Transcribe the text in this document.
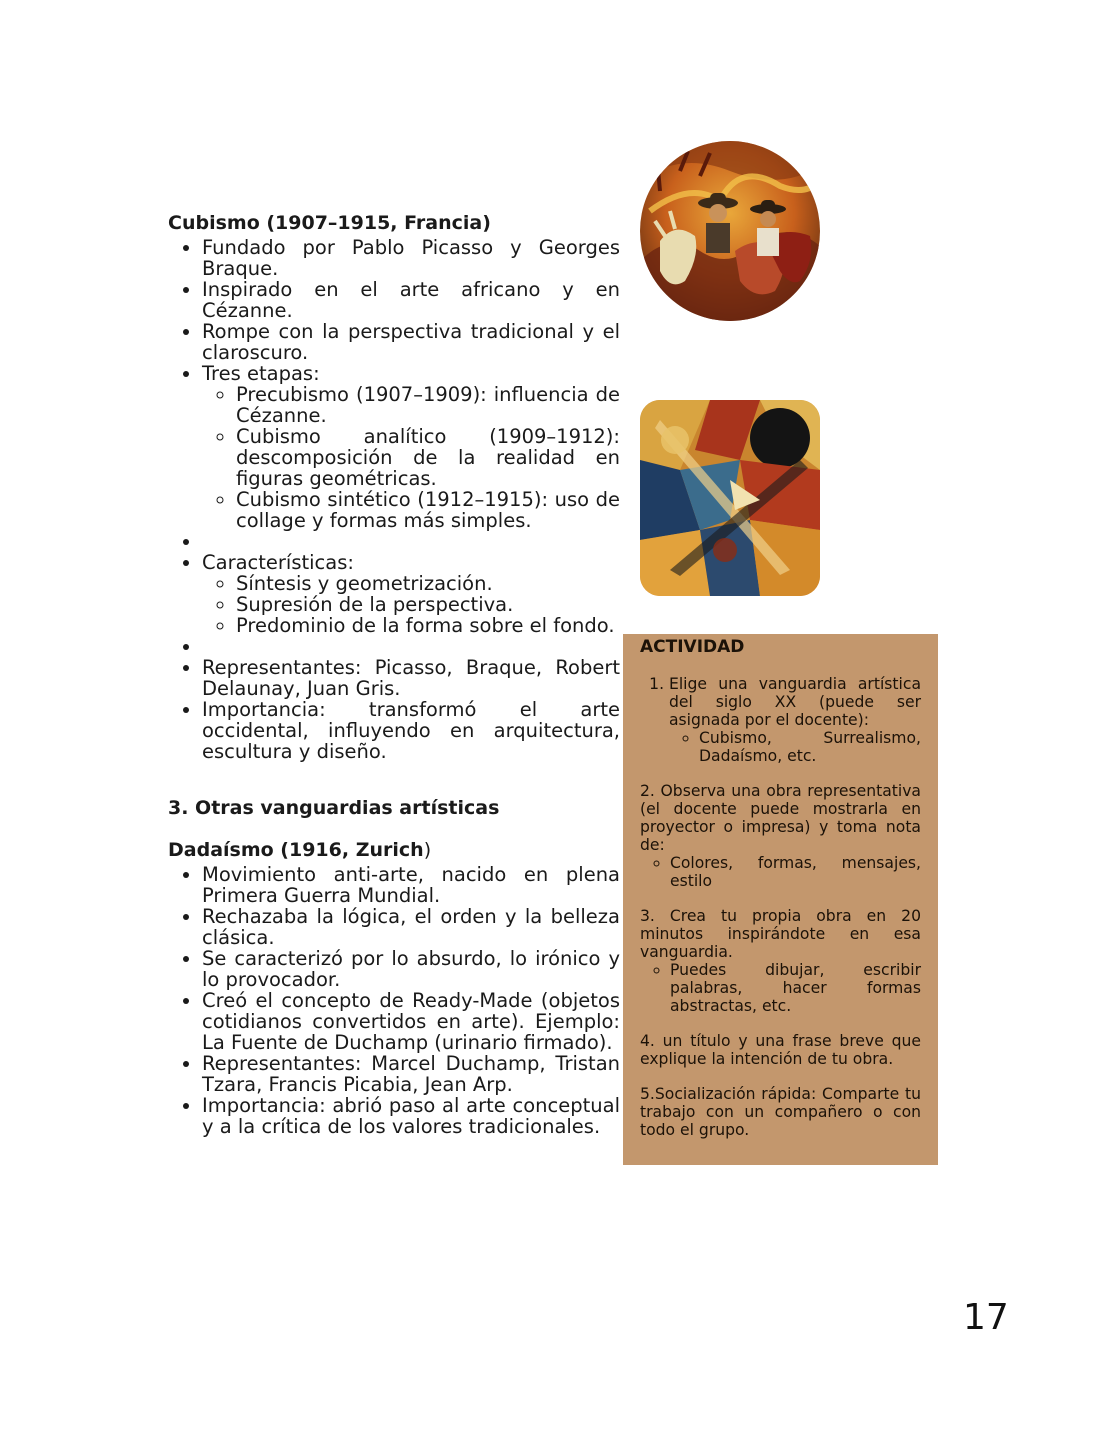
Cubismo (1907–1915, Francia)

• Fundado por Pablo Picasso y Georges Braque.
• Inspirado en el arte africano y en Cézanne.
• Rompe con la perspectiva tradicional y el claroscuro.
• Tres etapas:
◦ Precubismo (1907–1909): influencia de Cézanne.
◦ Cubismo analítico (1909–1912): descomposición de la realidad en figuras geométricas.
◦ Cubismo sintético (1912–1915): uso de collage y formas más simples.
•
• Características:
◦ Síntesis y geometrización.
◦ Supresión de la perspectiva.
◦ Predominio de la forma sobre el fondo.
•
• Representantes: Picasso, Braque, Robert Delaunay, Juan Gris.
• Importancia: transformó el arte occidental, influyendo en arquitectura, escultura y diseño.

3. Otras vanguardias artísticas

Dadaísmo (1916, Zurich)

• Movimiento anti-arte, nacido en plena Primera Guerra Mundial.
• Rechazaba la lógica, el orden y la belleza clásica.
• Se caracterizó por lo absurdo, lo irónico y lo provocador.
• Creó el concepto de Ready-Made (objetos cotidianos convertidos en arte). Ejemplo: La Fuente de Duchamp (urinario firmado).
• Representantes: Marcel Duchamp, Tristan Tzara, Francis Picabia, Jean Arp.
• Importancia: abrió paso al arte conceptual y a la crítica de los valores tradicionales.
ACTIVIDAD
1. Elige una vanguardia artística del siglo XX (puede ser asignada por el docente):
◦ Cubismo, Surrealismo, Dadaísmo, etc.

2. Observa una obra representativa (el docente puede mostrarla en proyector o impresa) y toma nota de:

◦ Colores, formas, mensajes, estilo

3. Crea tu propia obra en 20 minutos inspirándote en esa vanguardia.

◦ Puedes dibujar, escribir palabras, hacer formas abstractas, etc.

4. un título y una frase breve que explique la intención de tu obra.

5.Socialización rápida: Comparte tu trabajo con un compañero o con todo el grupo.

17
